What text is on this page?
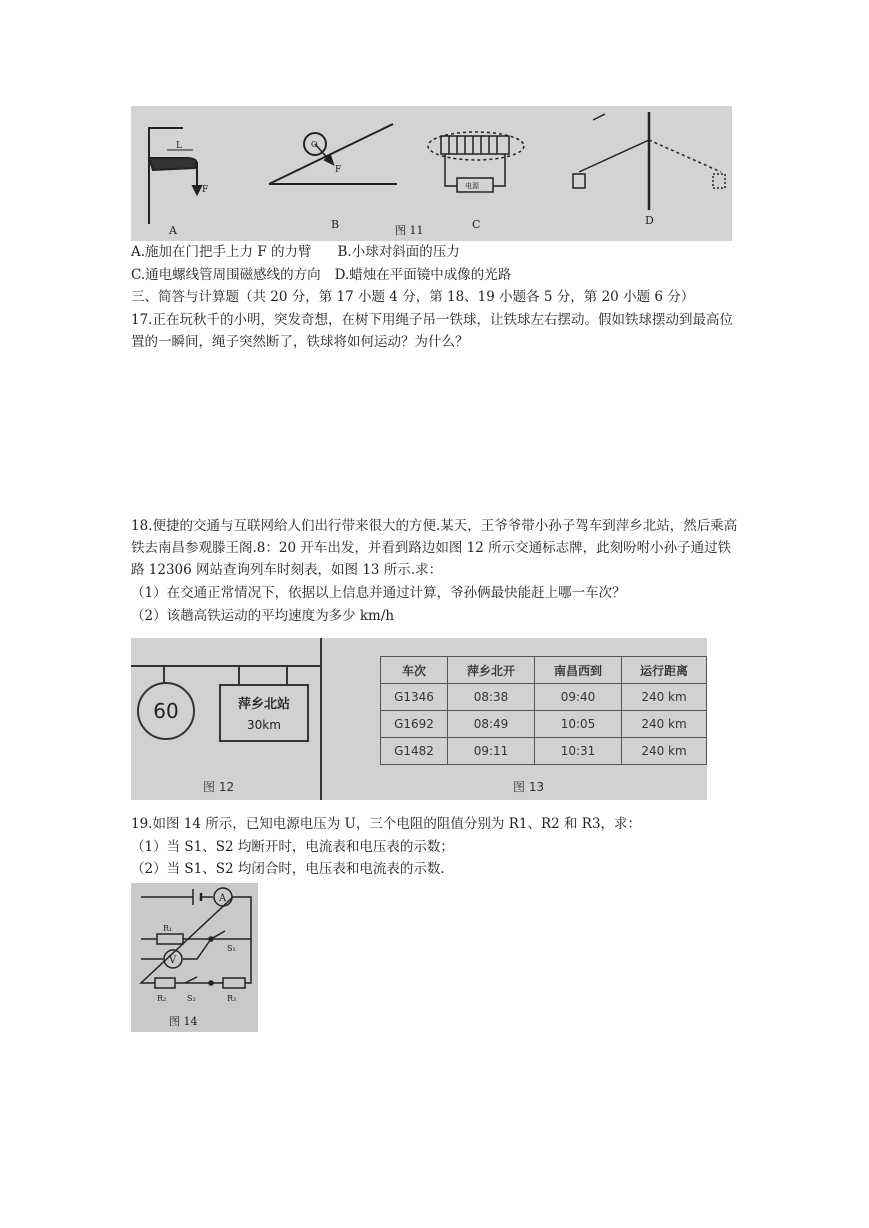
L
F
A
O
F
B	图 11
电源
C	D
A.施加在门把手上力 F 的力臂 B.小球对斜面的压力
C.通电螺线管周围磁感线的方向 D.蜡烛在平面镜中成像的光路
三、简答与计算题（共 20 分，第 17 小题 4 分，第 18、19 小题各 5 分，第 20 小题 6 分）
17.正在玩秋千的小明，突发奇想，在树下用绳子吊一铁球，让铁球左右摆动。假如铁球摆动到最高位置的一瞬间，绳子突然断了，铁球将如何运动？为什么？
18.便捷的交通与互联网给人们出行带来很大的方便.某天，王爷爷带小孙子驾车到萍乡北站，然后乘高铁去南昌参观滕王阁.8：20 开车出发，并看到路边如图 12 所示交通标志牌，此刻吩咐小孙子通过铁路 12306 网站查询列车时刻表，如图 13 所示.求：
（1）在交通正常情况下，依据以上信息并通过计算，爷孙俩最快能赶上哪一车次？
（2）该趟高铁运动的平均速度为多少 km/h
60	萍乡北站
30km
图 12
车次	萍乡北开	南昌西到	运行距离
G1346	08:38	09:40	240 km
G1692	08:49	10:05	240 km
G1482	09:11	10:31	240 km
图 13
19.如图 14 所示，已知电源电压为 U，三个电阻的阻值分别为 R1、R2 和 R3，求：
（1）当 S1、S2 均断开时，电流表和电压表的示数；
（2）当 S1、S2 均闭合时，电压表和电流表的示数.
A
V
R₁
S₁
R₂	S₂	R₃
图 14
